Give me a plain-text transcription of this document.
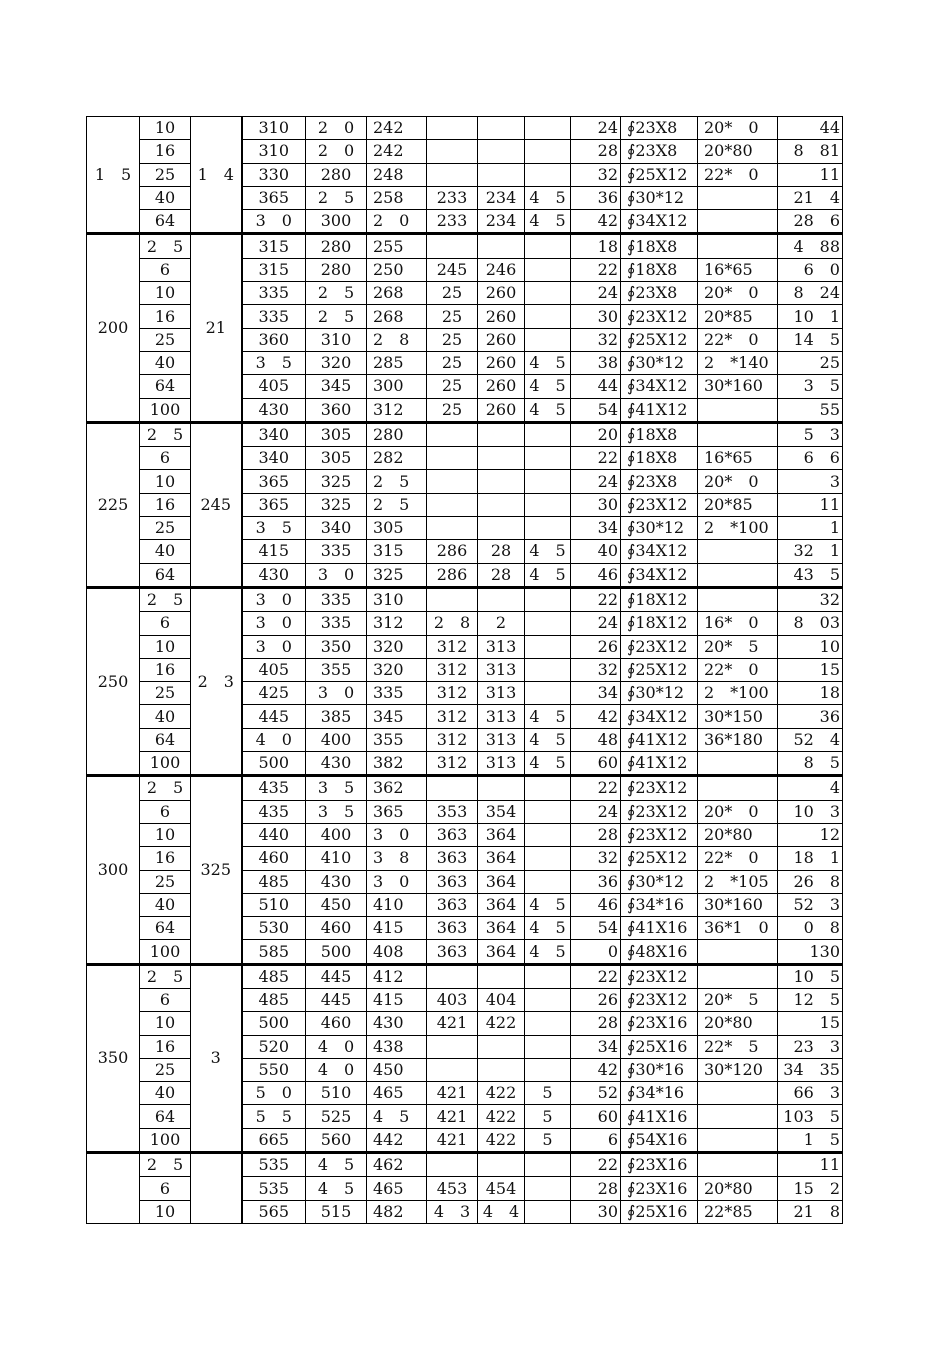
1　5	10	1　4	310	2　0	242				24	∮23X8	20*　0	44
	16		310	2　0	242				28	∮23X8	20*80	8　81
	25		330	280	248				32	∮25X12	22*　0	11
	40		365	2　5	258	233	234	4　5	36	∮30*12		21　4
	64		3　0	300	2　0	233	234	4　5	42	∮34X12		28　6
200	2　5	21	315	280	255				18	∮18X8		4　88
	6		315	280	250	245	246		22	∮18X8	16*65	6　0
	10		335	2　5	268	25	260		24	∮23X8	20*　0	8　24
	16		335	2　5	268	25	260		30	∮23X12	20*85	10　1
	25		360	310	2　8	25	260		32	∮25X12	22*　0	14　5
	40		3　5	320	285	25	260	4　5	38	∮30*12	2　*140	25
	64		405	345	300	25	260	4　5	44	∮34X12	30*160	3　5
	100		430	360	312	25	260	4　5	54	∮41X12		55
225	2　5	245	340	305	280				20	∮18X8		5　3
	6		340	305	282				22	∮18X8	16*65	6　6
	10		365	325	2　5				24	∮23X8	20*　0	3
	16		365	325	2　5				30	∮23X12	20*85	11
	25		3　5	340	305				34	∮30*12	2　*100	1
	40		415	335	315	286	28	4　5	40	∮34X12		32　1
	64		430	3　0	325	286	28	4　5	46	∮34X12		43　5
250	2　5	2　3	3　0	335	310				22	∮18X12		32
	6		3　0	335	312	2　8	2		24	∮18X12	16*　0	8　03
	10		3　0	350	320	312	313		26	∮23X12	20*　5	10
	16		405	355	320	312	313		32	∮25X12	22*　0	15
	25		425	3　0	335	312	313		34	∮30*12	2　*100	18
	40		445	385	345	312	313	4　5	42	∮34X12	30*150	36
	64		4　0	400	355	312	313	4　5	48	∮41X12	36*180	52　4
	100		500	430	382	312	313	4　5	60	∮41X12		8　5
300	2　5	325	435	3　5	362				22	∮23X12		4
	6		435	3　5	365	353	354		24	∮23X12	20*　0	10　3
	10		440	400	3　0	363	364		28	∮23X12	20*80	12
	16		460	410	3　8	363	364		32	∮25X12	22*　0	18　1
	25		485	430	3　0	363	364		36	∮30*12	2　*105	26　8
	40		510	450	410	363	364	4　5	46	∮34*16	30*160	52　3
	64		530	460	415	363	364	4　5	54	∮41X16	36*1　0	0　8
	100		585	500	408	363	364	4　5	0	∮48X16		130
350	2　5	3	485	445	412				22	∮23X12		10　5
	6		485	445	415	403	404		26	∮23X12	20*　5	12　5
	10		500	460	430	421	422		28	∮23X16	20*80	15
	16		520	4　0	438				34	∮25X16	22*　5	23　3
	25		550	4　0	450				42	∮30*16	30*120	34　35
	40		5　0	510	465	421	422	5	52	∮34*16		66　3
	64		5　5	525	4　5	421	422	5	60	∮41X16		103　5
	100		665	560	442	421	422	5	6	∮54X16		1　5
	2　5		535	4　5	462				22	∮23X16		11
	6		535	4　5	465	453	454		28	∮23X16	20*80	15　2
	10		565	515	482	4　3	4　4		30	∮25X16	22*85	21　8
